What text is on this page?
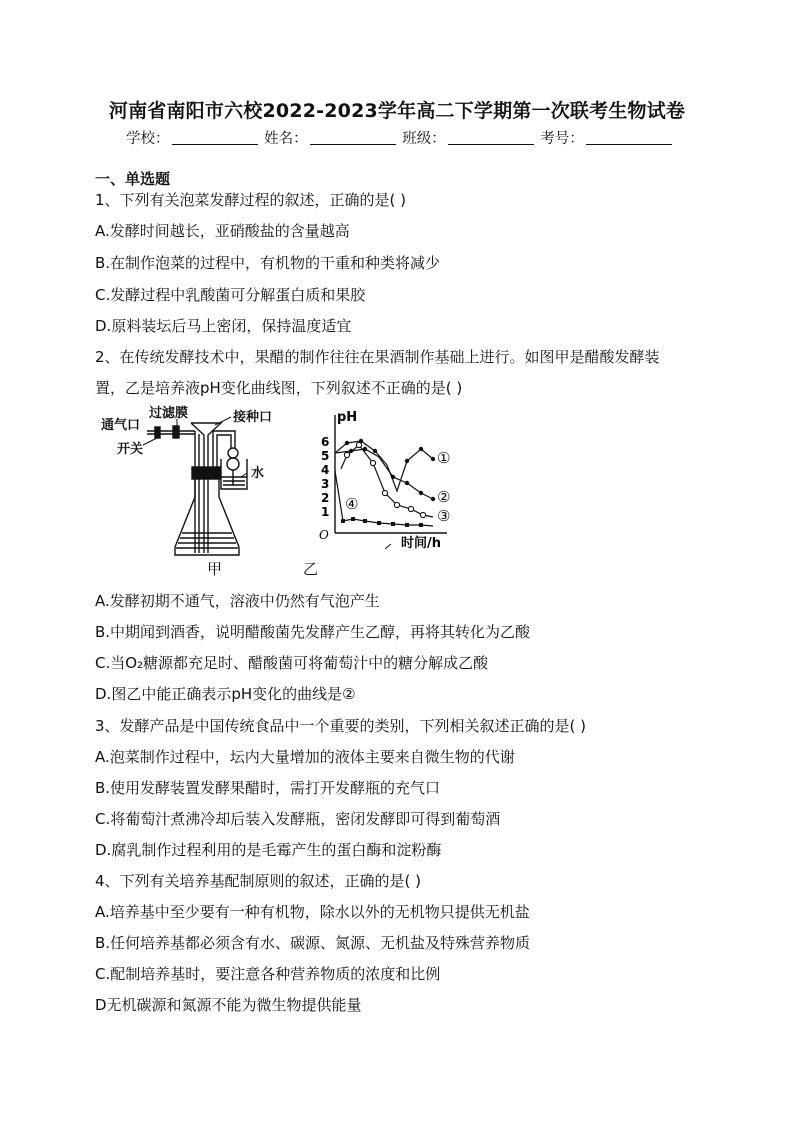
河南省南阳市六校2022-2023学年高二下学期第一次联考生物试卷
学校：	姓名：	班级：	考号：
一、单选题
1、下列有关泡菜发酵过程的叙述，正确的是( )
A.发酵时间越长，亚硝酸盐的含量越高
B.在制作泡菜的过程中，有机物的干重和种类将减少
C.发酵过程中乳酸菌可分解蛋白质和果胶
D.原料装坛后马上密闭，保持温度适宜
2、在传统发酵技术中，果醋的制作往往在果酒制作基础上进行。如图甲是醋酸发酵装
置，乙是培养液pH变化曲线图，下列叙述不正确的是( )
通气口
过滤膜	接种口
开关
水
pH
时间/h
O
1
2
3
4
5
6
①
②
③
④
甲	乙
A.发酵初期不通气，溶液中仍然有气泡产生
B.中期闻到酒香，说明醋酸菌先发酵产生乙醇，再将其转化为乙酸
C.当O₂糖源都充足时、醋酸菌可将葡萄汁中的糖分解成乙酸
D.图乙中能正确表示pH变化的曲线是②
3、发酵产品是中国传统食品中一个重要的类别，下列相关叙述正确的是( )
A.泡菜制作过程中，坛内大量增加的液体主要来自微生物的代谢
B.使用发酵装置发酵果醋时，需打开发酵瓶的充气口
C.将葡萄汁煮沸冷却后装入发酵瓶，密闭发酵即可得到葡萄酒
D.腐乳制作过程利用的是毛霉产生的蛋白酶和淀粉酶
4、下列有关培养基配制原则的叙述，正确的是( )
A.培养基中至少要有一种有机物，除水以外的无机物只提供无机盐
B.任何培养基都必须含有水、碳源、氮源、无机盐及特殊营养物质
C.配制培养基时，要注意各种营养物质的浓度和比例
D无机碳源和氮源不能为微生物提供能量
